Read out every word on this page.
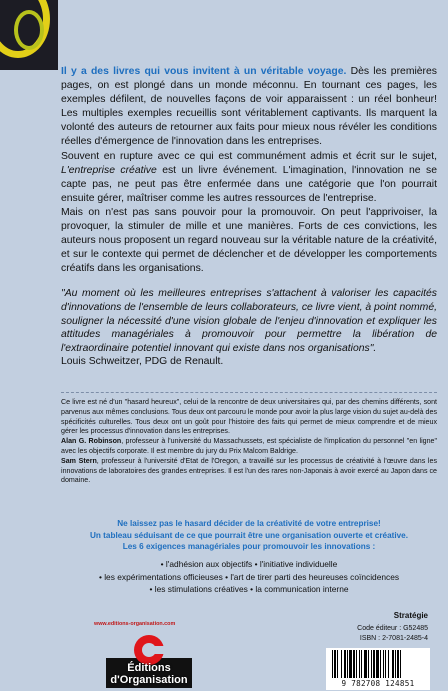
Il y a des livres qui vous invitent à un véritable voyage. Dès les premières pages, on est plongé dans un monde méconnu. En tournant ces pages, les exemples défilent, de nouvelles façons de voir apparaissent : un réel bonheur! Les multiples exemples recueillis sont véritablement captivants. Ils marquent la volonté des auteurs de retourner aux faits pour mieux nous révéler les conditions réelles d'émergence de l'innovation dans les entreprises.

Souvent en rupture avec ce qui est communément admis et écrit sur le sujet, L'entreprise créative est un livre événement. L'imagination, l'innovation ne se capte pas, ne peut pas être enfermée dans une catégorie que l'on pourrait ensuite gérer, maîtriser comme les autres ressources de l'entreprise.

Mais on n'est pas sans pouvoir pour la promouvoir. On peut l'apprivoiser, la provoquer, la stimuler de mille et une manières. Forts de ces convictions, les auteurs nous proposent un regard nouveau sur la véritable nature de la créativité, et sur le contexte qui permet de déclencher et de développer les comportements créatifs dans les organisations.

"Au moment où les meilleures entreprises s'attachent à valoriser les capacités d'innovations de l'ensemble de leurs collaborateurs, ce livre vient, à point nommé, souligner la nécessité d'une vision globale de l'enjeu d'innovation et expliquer les attitudes managériales à promouvoir pour permettre la libération de l'extraordinaire potentiel innovant qui existe dans nos organisations".

Louis Schweitzer, PDG de Renault.

Ce livre est né d'un "hasard heureux", celui de la rencontre de deux universitaires qui, par des chemins différents, sont parvenus aux mêmes conclusions. Tous deux ont parcouru le monde pour avoir la plus large vision du sujet au-delà des spécificités culturelles. Tous deux ont un goût pour l'histoire des faits qui permet de mieux comprendre et de mieux gérer les processus d'innovation dans les entreprises.

Alan G. Robinson, professeur à l'université du Massachussets, est spécialiste de l'implication du personnel "en ligne" avec les objectifs corporate. Il est membre du jury du Prix Malcom Baldrige.

Sam Stern, professeur à l'université d'Etat de l'Oregon, a travaillé sur les processus de créativité à l'œuvre dans les innovations de laboratoires des grandes entreprises. Il est l'un des rares non-Japonais à avoir exercé au Japon dans ce domaine.

Ne laissez pas le hasard décider de la créativité de votre entreprise!

Un tableau séduisant de ce que pourrait être une organisation ouverte et créative.

Les 6 exigences managériales pour promouvoir les innovations :

• l'adhésion aux objectifs • l'initiative individuelle

• les expérimentations officieuses • l'art de tirer parti des heureuses coïncidences

• les stimulations créatives • la communication interne

www.editions-organisation.com
Éditions
d'Organisation
Stratégie
Code éditeur : G52485
ISBN : 2-7081-2485-4
9 782708 124851
